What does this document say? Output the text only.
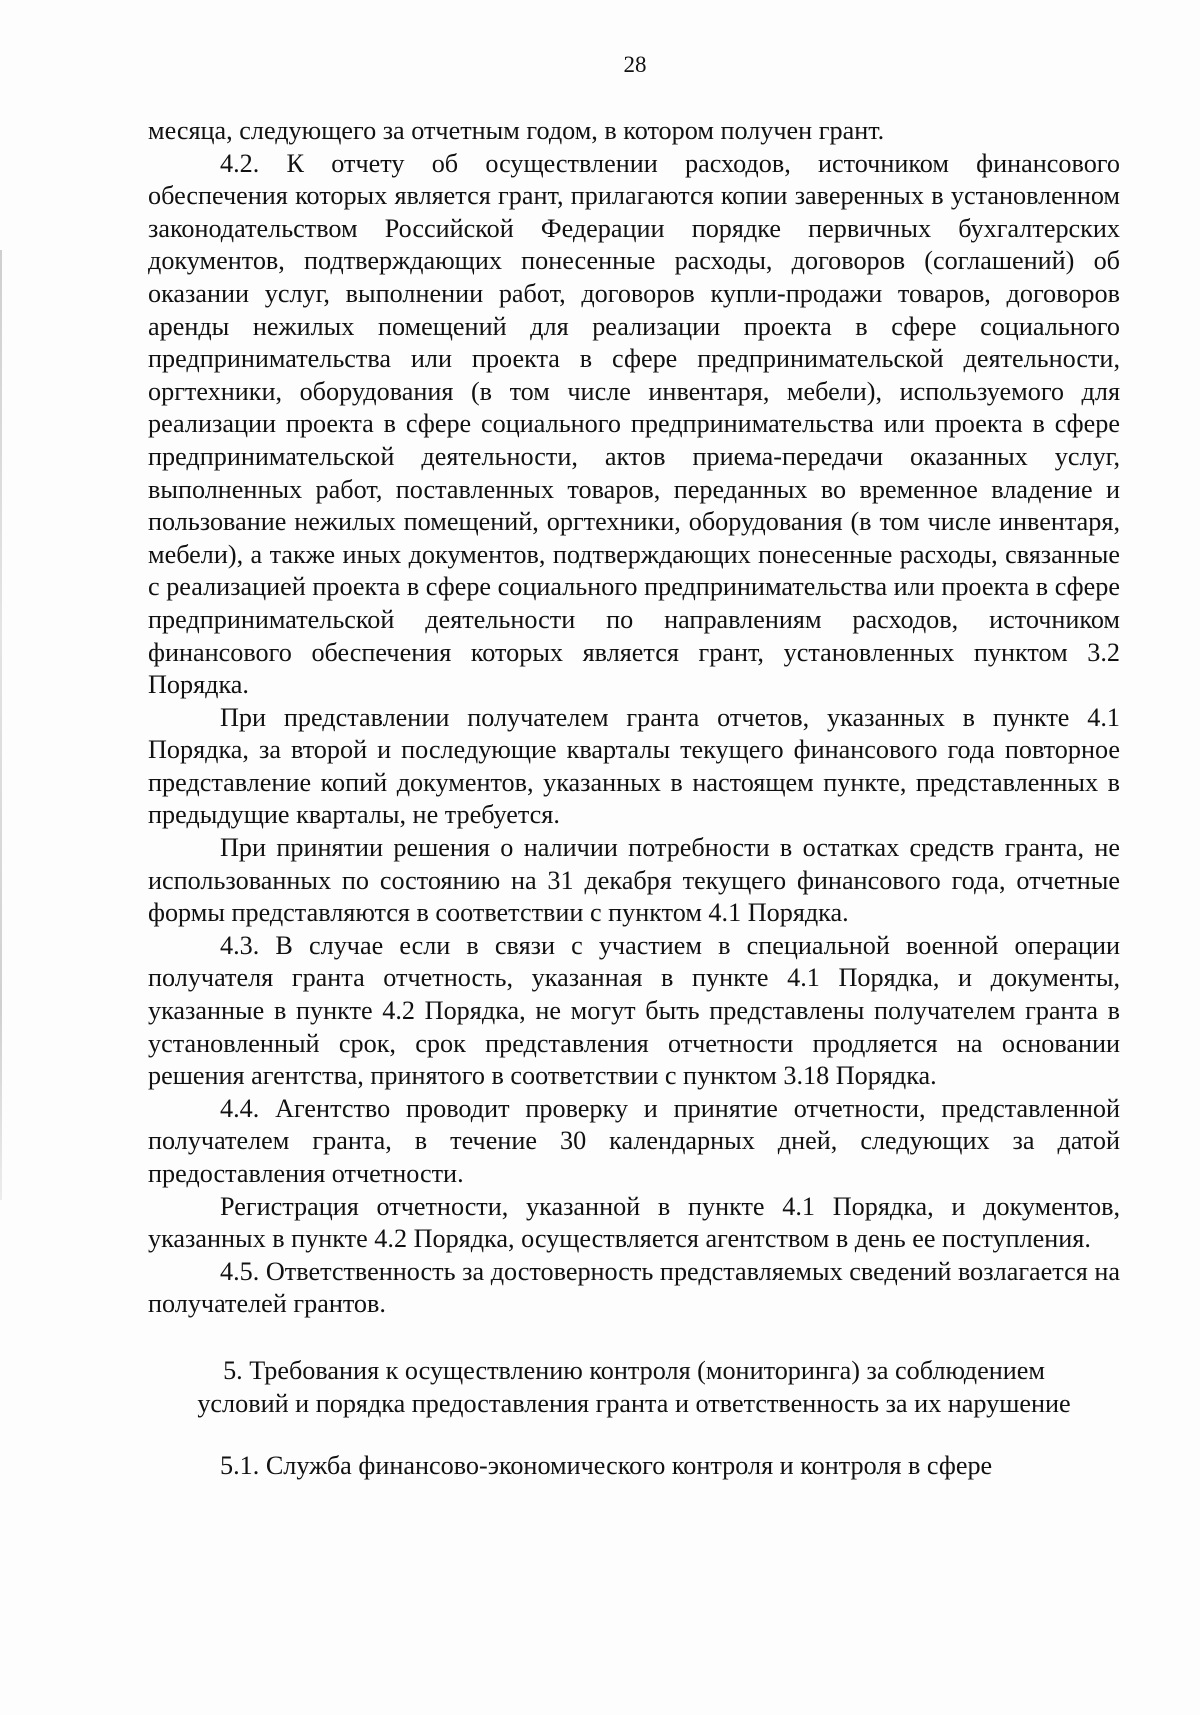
28

месяца, следующего за отчетным годом, в котором получен грант.

4.2. К отчету об осуществлении расходов, источником финансового обеспечения которых является грант, прилагаются копии заверенных в установленном законодательством Российской Федерации порядке первичных бухгалтерских документов, подтверждающих понесенные расходы, договоров (соглашений) об оказании услуг, выполнении работ, договоров купли-продажи товаров, договоров аренды нежилых помещений для реализации проекта в сфере социального предпринимательства или проекта в сфере предпринимательской деятельности, оргтехники, оборудования (в том числе инвентаря, мебели), используемого для реализации проекта в сфере социального предпринимательства или проекта в сфере предпринимательской деятельности, актов приема-передачи оказанных услуг, выполненных работ, поставленных товаров, переданных во временное владение и пользование нежилых помещений, оргтехники, оборудования (в том числе инвентаря, мебели), а также иных документов, подтверждающих понесенные расходы, связанные с реализацией проекта в сфере социального предпринимательства или проекта в сфере предпринимательской деятельности по направлениям расходов, источником финансового обеспечения которых является грант, установленных пунктом 3.2 Порядка.

При представлении получателем гранта отчетов, указанных в пункте 4.1 Порядка, за второй и последующие кварталы текущего финансового года повторное представление копий документов, указанных в настоящем пункте, представленных в предыдущие кварталы, не требуется.

При принятии решения о наличии потребности в остатках средств гранта, не использованных по состоянию на 31 декабря текущего финансового года, отчетные формы представляются в соответствии с пунктом 4.1 Порядка.

4.3. В случае если в связи с участием в специальной военной операции получателя гранта отчетность, указанная в пункте 4.1 Порядка, и документы, указанные в пункте 4.2 Порядка, не могут быть представлены получателем гранта в установленный срок, срок представления отчетности продляется на основании решения агентства, принятого в соответствии с пунктом 3.18 Порядка.

4.4. Агентство проводит проверку и принятие отчетности, представленной получателем гранта, в течение 30 календарных дней, следующих за датой предоставления отчетности.

Регистрация отчетности, указанной в пункте 4.1 Порядка, и документов, указанных в пункте 4.2 Порядка, осуществляется агентством в день ее поступления.

4.5. Ответственность за достоверность представляемых сведений возлагается на получателей грантов.

5. Требования к осуществлению контроля (мониторинга) за соблюдением
условий и порядка предоставления гранта и ответственность за их нарушение

5.1. Служба финансово-экономического контроля и контроля в сфере
